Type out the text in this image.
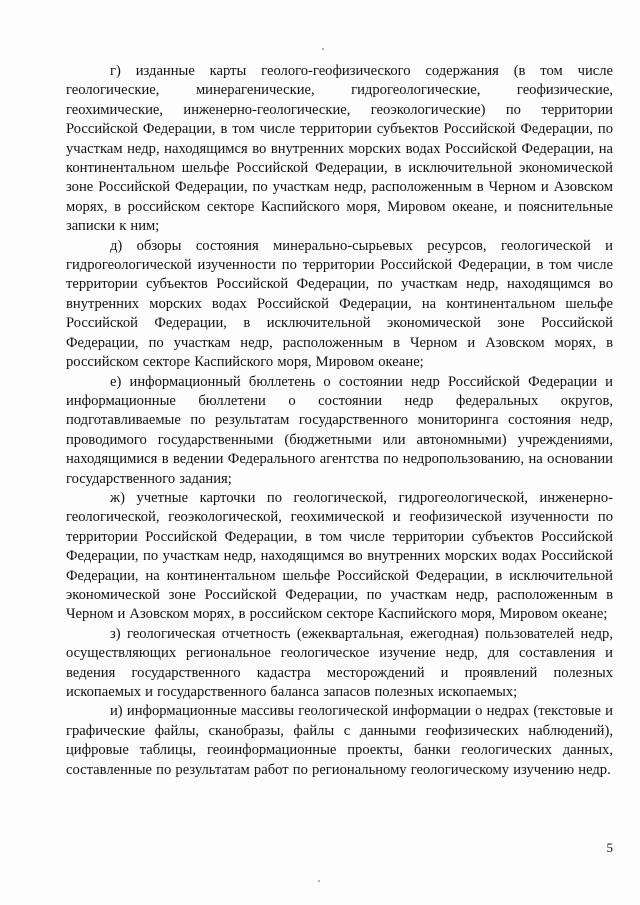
г) изданные карты геолого-геофизического содержания (в том числе геологические, минерагенические, гидрогеологические, геофизические, геохимические, инженерно-геологические, геоэкологические) по территории Российской Федерации, в том числе территории субъектов Российской Федерации, по участкам недр, находящимся во внутренних морских водах Российской Федерации, на континентальном шельфе Российской Федерации, в исключительной экономической зоне Российской Федерации, по участкам недр, расположенным в Черном и Азовском морях, в российском секторе Каспийского моря, Мировом океане, и пояснительные записки к ним;

д) обзоры состояния минерально-сырьевых ресурсов, геологической и гидрогеологической изученности по территории Российской Федерации, в том числе территории субъектов Российской Федерации, по участкам недр, находящимся во внутренних морских водах Российской Федерации, на континентальном шельфе Российской Федерации, в исключительной экономической зоне Российской Федерации, по участкам недр, расположенным в Черном и Азовском морях, в российском секторе Каспийского моря, Мировом океане;

е) информационный бюллетень о состоянии недр Российской Федерации и информационные бюллетени о состоянии недр федеральных округов, подготавливаемые по результатам государственного мониторинга состояния недр, проводимого государственными (бюджетными или автономными) учреждениями, находящимися в ведении Федерального агентства по недропользованию, на основании государственного задания;

ж) учетные карточки по геологической, гидрогеологической, инженерно-геологической, геоэкологической, геохимической и геофизической изученности по территории Российской Федерации, в том числе территории субъектов Российской Федерации, по участкам недр, находящимся во внутренних морских водах Российской Федерации, на континентальном шельфе Российской Федерации, в исключительной экономической зоне Российской Федерации, по участкам недр, расположенным в Черном и Азовском морях, в российском секторе Каспийского моря, Мировом океане;

з) геологическая отчетность (ежеквартальная, ежегодная) пользователей недр, осуществляющих региональное геологическое изучение недр, для составления и ведения государственного кадастра месторождений и проявлений полезных ископаемых и государственного баланса запасов полезных ископаемых;

и) информационные массивы геологической информации о недрах (текстовые и графические файлы, сканобразы, файлы с данными геофизических наблюдений), цифровые таблицы, геоинформационные проекты, банки геологических данных, составленные по результатам работ по региональному геологическому изучению недр.

5
